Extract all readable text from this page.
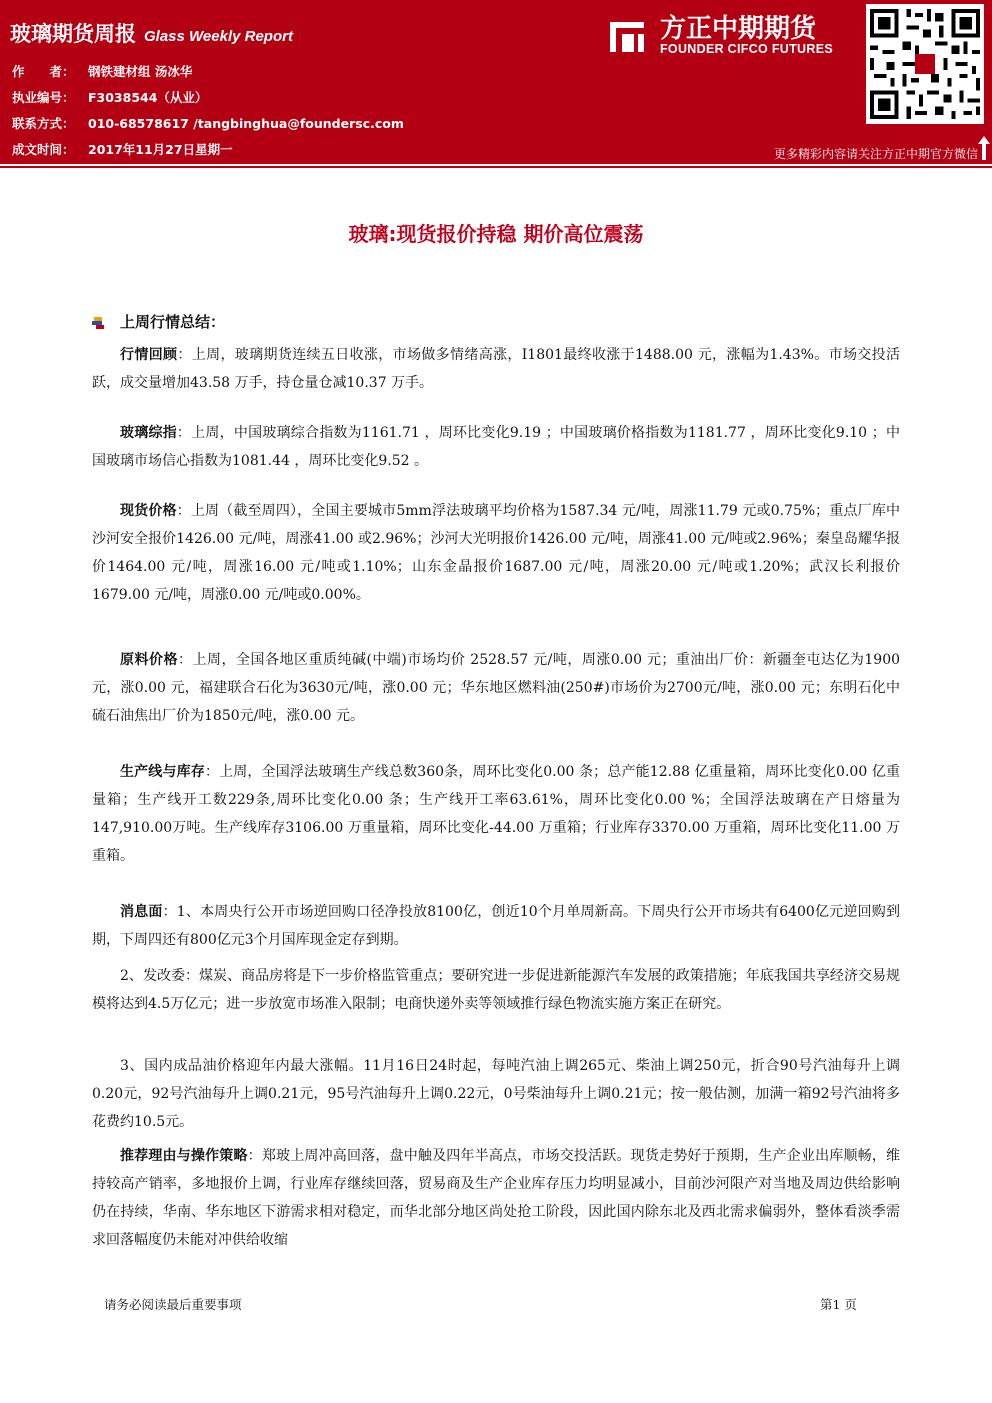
玻璃期货周报 Glass Weekly Report
作　　者： 钢铁建材组 汤冰华
执业编号： F3038544（从业）
联系方式： 010-68578617 /tangbinghua@foundersc.com
成文时间： 2017年11月27日星期一
方正中期期货
FOUNDER CIFCO FUTURES
更多精彩内容请关注方正中期官方微信
玻璃:现货报价持稳 期价高位震荡
上周行情总结：
行情回顾：上周，玻璃期货连续五日收涨，市场做多情绪高涨，I1801最终收涨于1488.00 元，涨幅为1.43%。市场交投活跃，成交量增加43.58 万手，持仓量仓减10.37 万手。
玻璃综指：上周，中国玻璃综合指数为1161.71 ，周环比变化9.19 ；中国玻璃价格指数为1181.77 ，周环比变化9.10 ；中国玻璃市场信心指数为1081.44 ，周环比变化9.52 。
现货价格：上周（截至周四），全国主要城市5mm浮法玻璃平均价格为1587.34 元/吨，周涨11.79 元或0.75%；重点厂库中沙河安全报价1426.00 元/吨，周涨41.00 或2.96%；沙河大光明报价1426.00 元/吨，周涨41.00 元/吨或2.96%；秦皇岛耀华报价1464.00 元/吨，周涨16.00 元/吨或1.10%；山东金晶报价1687.00 元/吨，周涨20.00 元/吨或1.20%；武汉长利报价1679.00 元/吨，周涨0.00 元/吨或0.00%。
原料价格：上周，全国各地区重质纯碱(中端)市场均价 2528.57 元/吨，周涨0.00 元；重油出厂价：新疆奎屯达亿为1900元，涨0.00 元，福建联合石化为3630元/吨，涨0.00 元；华东地区燃料油(250#)市场价为2700元/吨，涨0.00 元；东明石化中硫石油焦出厂价为1850元/吨，涨0.00 元。
生产线与库存：上周，全国浮法玻璃生产线总数360条，周环比变化0.00 条；总产能12.88 亿重量箱，周环比变化0.00 亿重量箱；生产线开工数229条,周环比变化0.00 条；生产线开工率63.61%，周环比变化0.00 %；全国浮法玻璃在产日熔量为147,910.00万吨。生产线库存3106.00 万重量箱，周环比变化-44.00 万重箱；行业库存3370.00 万重箱，周环比变化11.00 万重箱。
消息面：1、本周央行公开市场逆回购口径净投放8100亿，创近10个月单周新高。下周央行公开市场共有6400亿元逆回购到期，下周四还有800亿元3个月国库现金定存到期。
2、发改委：煤炭、商品房将是下一步价格监管重点；要研究进一步促进新能源汽车发展的政策措施；年底我国共享经济交易规模将达到4.5万亿元；进一步放宽市场准入限制；电商快递外卖等领域推行绿色物流实施方案正在研究。
3、国内成品油价格迎年内最大涨幅。11月16日24时起，每吨汽油上调265元、柴油上调250元，折合90号汽油每升上调0.20元，92号汽油每升上调0.21元，95号汽油每升上调0.22元，0号柴油每升上调0.21元；按一般估测，加满一箱92号汽油将多花费约10.5元。
推荐理由与操作策略：郑玻上周冲高回落，盘中触及四年半高点，市场交投活跃。现货走势好于预期，生产企业出库顺畅，维持较高产销率，多地报价上调，行业库存继续回落，贸易商及生产企业库存压力均明显减小，目前沙河限产对当地及周边供给影响仍在持续，华南、华东地区下游需求相对稳定，而华北部分地区尚处抢工阶段，因此国内除东北及西北需求偏弱外，整体看淡季需求回落幅度仍未能对冲供给收缩
请务必阅读最后重要事项	第1 页
